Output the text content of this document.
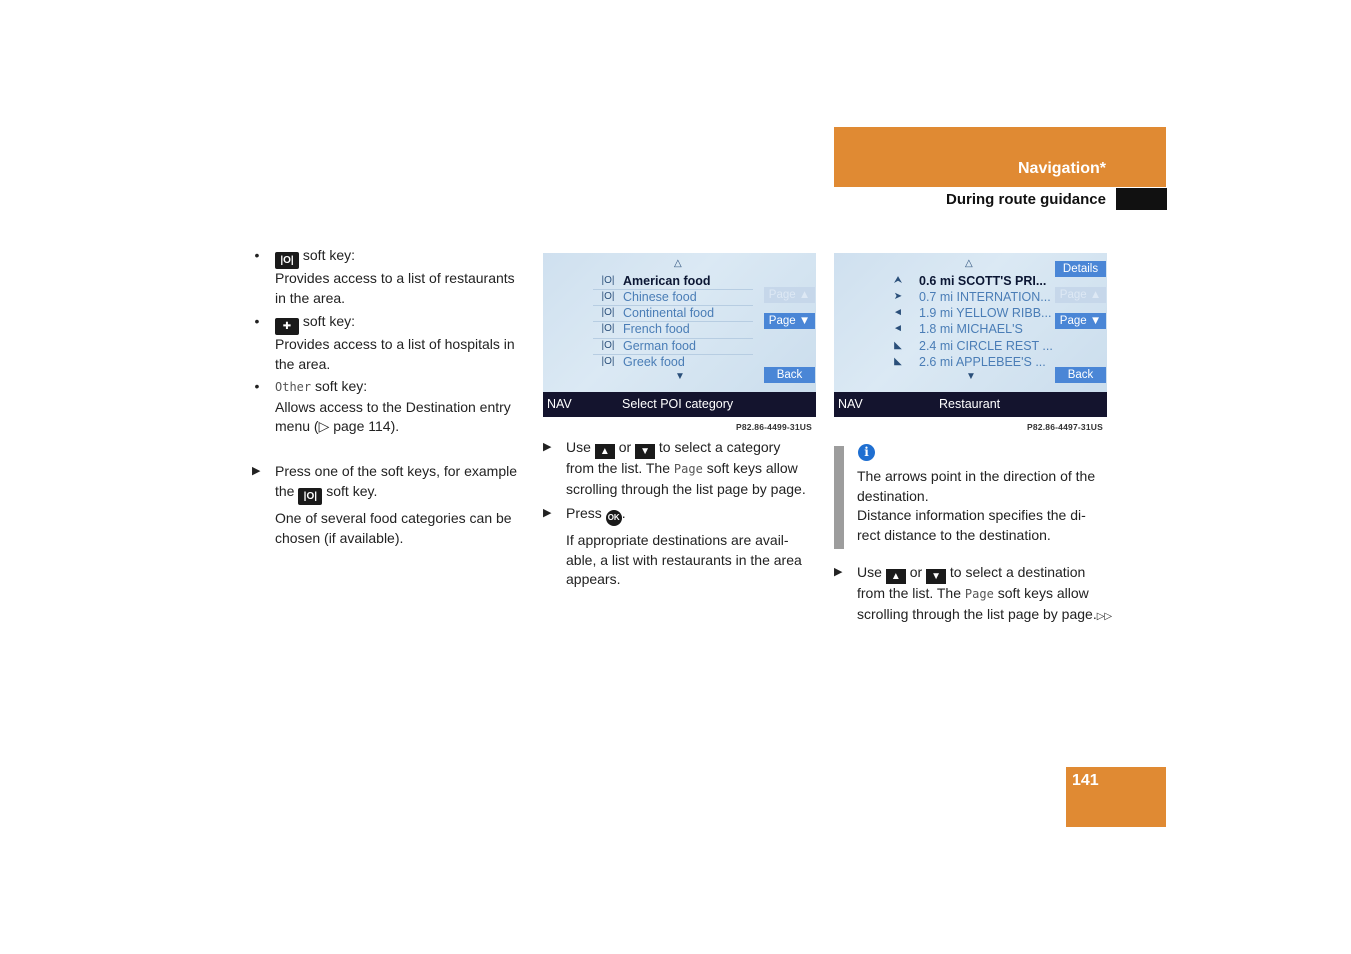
Navigation*
During route guidance
•	|O| soft key:
Provides access to a list of restaurants
in the area.
•	✚ soft key:
Provides access to a list of hospitals in
the area.
• Other soft key:
Allows access to the Destination entry
menu (▷ page 114).
▶ Press one of the soft keys, for example
the |O| soft key.
One of several food categories can be
chosen (if available).
△
|O| American food
|O| Chinese food
|O| Continental food
|O| French food
|O| German food
|O| Greek food
▼
Page ▲
Page ▼
Back
NAV	Select POI category
P82.86-4499-31US
△
⮝	0.6 mi SCOTT'S PRI...
➤	0.7 mi INTERNATION...
◄	1.9 mi YELLOW RIBB...
◄	1.8 mi MICHAEL'S
◣	2.4 mi CIRCLE REST ...
◣	2.6 mi APPLEBEE'S ...
▼
Details
Page ▲
Page ▼
Back
NAV	Restaurant
P82.86-4497-31US
▶ Use ▲ or ▼ to select a category
from the list. The Page soft keys allow
scrolling through the list page by page.
▶ Press OK .
If appropriate destinations are avail-
able, a list with restaurants in the area
appears.
i
The arrows point in the direction of the
destination.
Distance information specifies the di-
rect distance to the destination.
▶ Use ▲ or ▼ to select a destination
from the list. The Page soft keys allow
scrolling through the list page by page.▷▷
141
